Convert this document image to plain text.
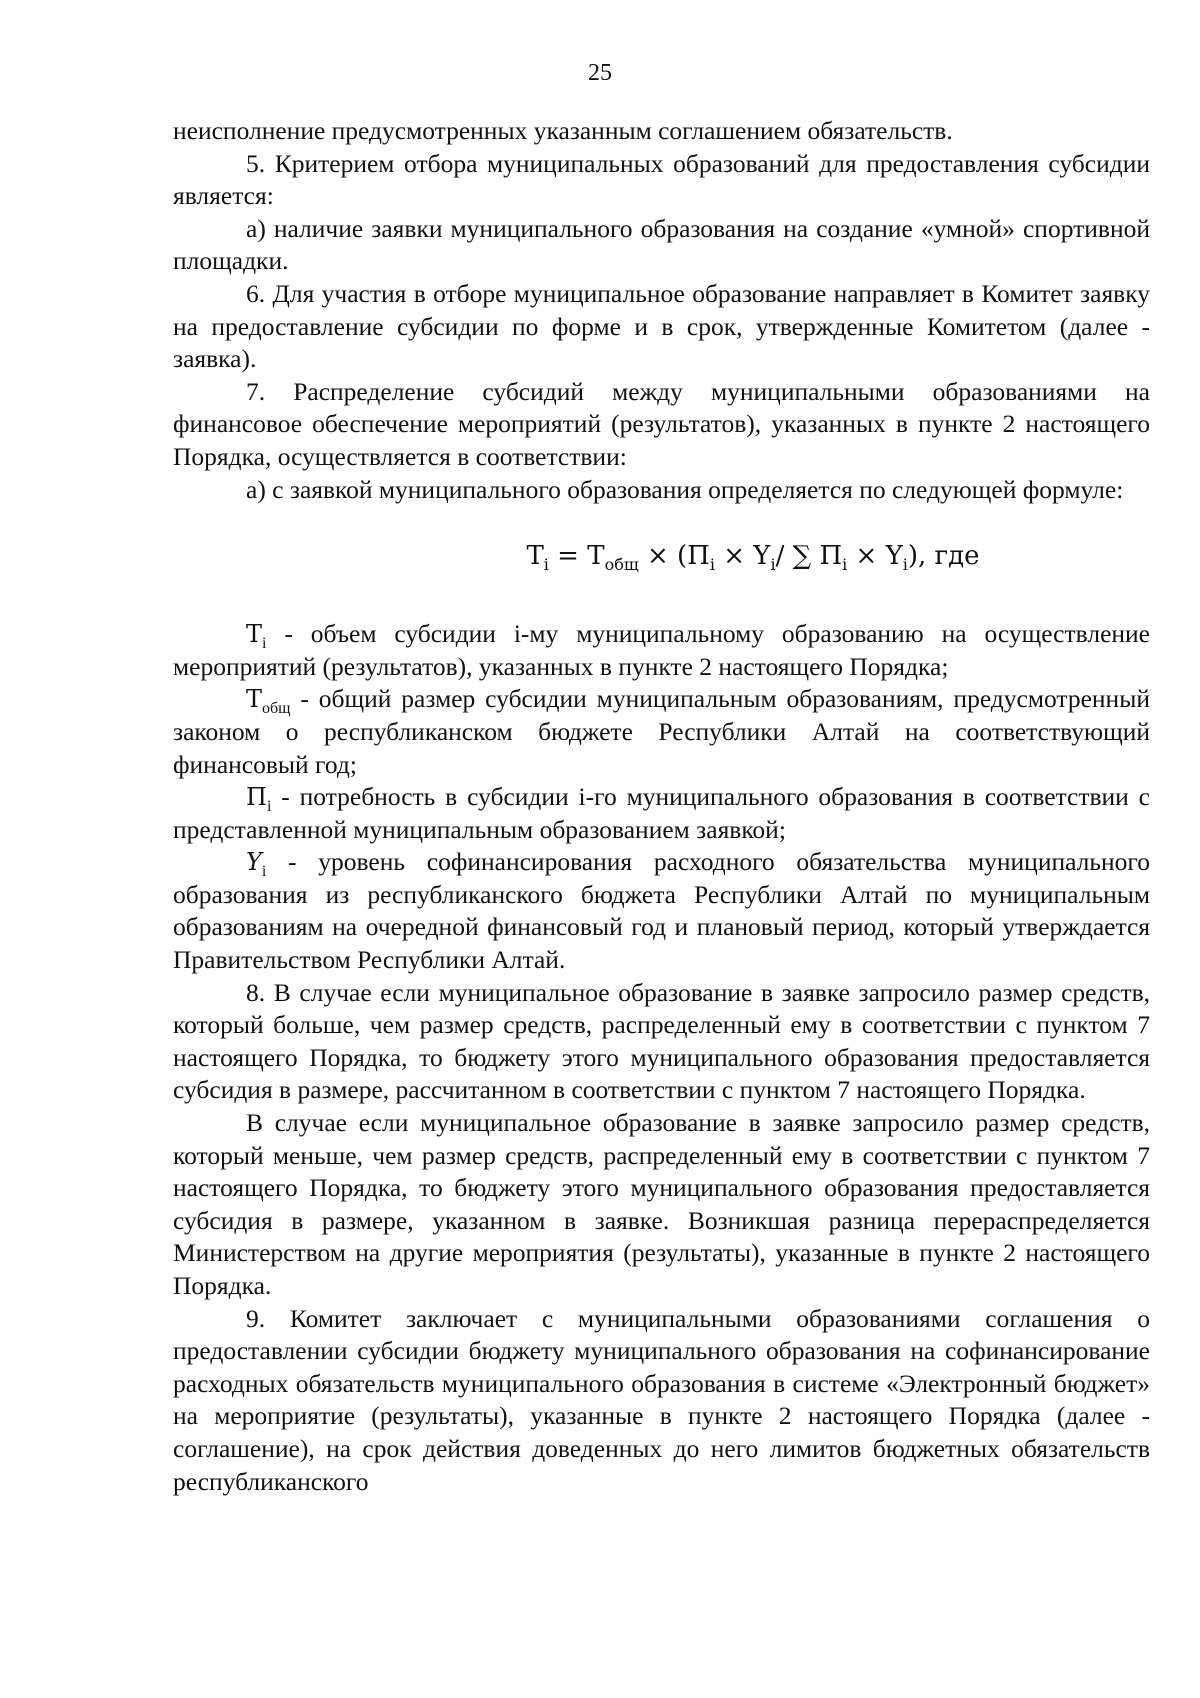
25

неисполнение предусмотренных указанным соглашением обязательств.

5. Критерием отбора муниципальных образований для предоставления субсидии является:

а) наличие заявки муниципального образования на создание «умной» спортивной площадки.

6. Для участия в отборе муниципальное образование направляет в Комитет заявку на предоставление субсидии по форме и в срок, утвержденные Комитетом (далее - заявка).

7. Распределение субсидий между муниципальными образованиями на финансовое обеспечение мероприятий (результатов), указанных в пункте 2 настоящего Порядка, осуществляется в соответствии:

а) с заявкой муниципального образования определяется по следующей формуле:

$T_i = T_{общ} \times (П_i \times Y_i/$ ∑ $П_i \times Y_i$), где

$T_i$ - объем субсидии i-му муниципальному образованию на осуществление мероприятий (результатов), указанных в пункте 2 настоящего Порядка;

$T_{общ}$ - общий размер субсидии муниципальным образованиям, предусмотренный законом о республиканском бюджете Республики Алтай на соответствующий финансовый год;

$П_i$ - потребность в субсидии i-го муниципального образования в соответствии с представленной муниципальным образованием заявкой;

$Y_i$ - уровень софинансирования расходного обязательства муниципального образования из республиканского бюджета Республики Алтай по муниципальным образованиям на очередной финансовый год и плановый период, который утверждается Правительством Республики Алтай.

8. В случае если муниципальное образование в заявке запросило размер средств, который больше, чем размер средств, распределенный ему в соответствии с пунктом 7 настоящего Порядка, то бюджету этого муниципального образования предоставляется субсидия в размере, рассчитанном в соответствии с пунктом 7 настоящего Порядка.

В случае если муниципальное образование в заявке запросило размер средств, который меньше, чем размер средств, распределенный ему в соответствии с пунктом 7 настоящего Порядка, то бюджету этого муниципального образования предоставляется субсидия в размере, указанном в заявке. Возникшая разница перераспределяется Министерством на другие мероприятия (результаты), указанные в пункте 2 настоящего Порядка.

9. Комитет заключает с муниципальными образованиями соглашения о предоставлении субсидии бюджету муниципального образования на софинансирование расходных обязательств муниципального образования в системе «Электронный бюджет» на мероприятие (результаты), указанные в пункте 2 настоящего Порядка (далее - соглашение), на срок действия доведенных до него лимитов бюджетных обязательств республиканского
